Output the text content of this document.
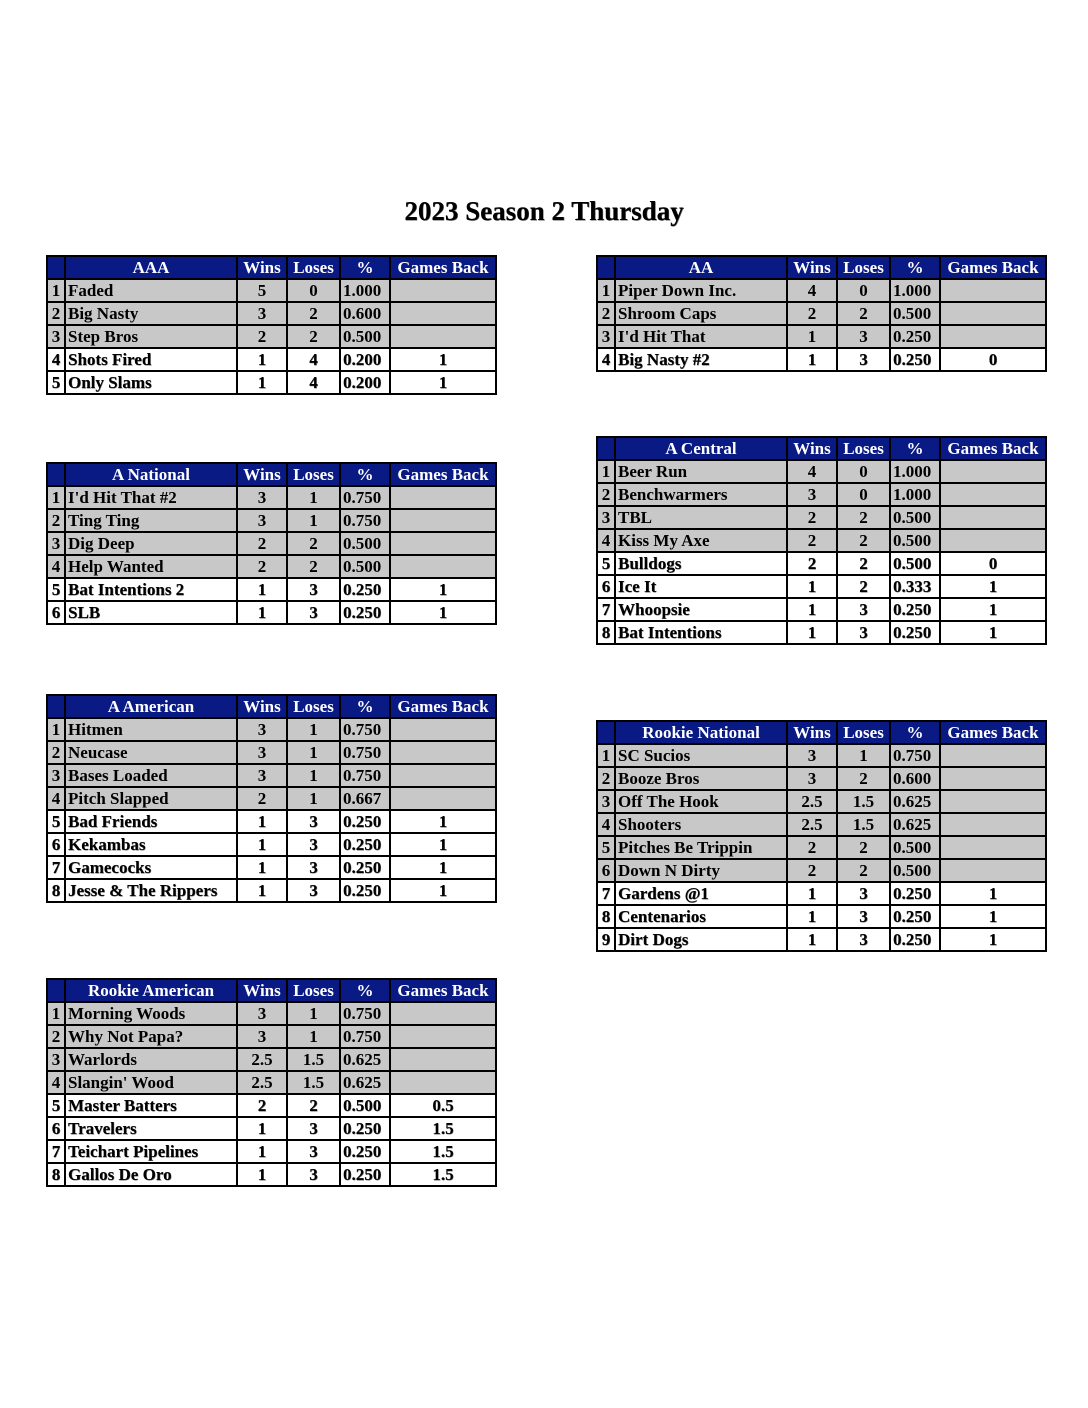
2023 Season 2 Thursday
	AAA	Wins	Loses	%	Games Back
1	Faded	5	0	1.000	
2	Big Nasty	3	2	0.600	
3	Step Bros	2	2	0.500	
4	Shots Fired	1	4	0.200	1
5	Only Slams	1	4	0.200	1
	AA	Wins	Loses	%	Games Back
1	Piper Down Inc.	4	0	1.000	
2	Shroom Caps	2	2	0.500	
3	I'd Hit That	1	3	0.250	
4	Big Nasty #2	1	3	0.250	0
	A National	Wins	Loses	%	Games Back
1	I'd Hit That #2	3	1	0.750	
2	Ting Ting	3	1	0.750	
3	Dig Deep	2	2	0.500	
4	Help Wanted	2	2	0.500	
5	Bat Intentions 2	1	3	0.250	1
6	SLB	1	3	0.250	1
	A Central	Wins	Loses	%	Games Back
1	Beer Run	4	0	1.000	
2	Benchwarmers	3	0	1.000	
3	TBL	2	2	0.500	
4	Kiss My Axe	2	2	0.500	
5	Bulldogs	2	2	0.500	0
6	Ice It	1	2	0.333	1
7	Whoopsie	1	3	0.250	1
8	Bat Intentions	1	3	0.250	1
	A American	Wins	Loses	%	Games Back
1	Hitmen	3	1	0.750	
2	Neucase	3	1	0.750	
3	Bases Loaded	3	1	0.750	
4	Pitch Slapped	2	1	0.667	
5	Bad Friends	1	3	0.250	1
6	Kekambas	1	3	0.250	1
7	Gamecocks	1	3	0.250	1
8	Jesse & The Rippers	1	3	0.250	1
	Rookie National	Wins	Loses	%	Games Back
1	SC Sucios	3	1	0.750	
2	Booze Bros	3	2	0.600	
3	Off The Hook	2.5	1.5	0.625	
4	Shooters	2.5	1.5	0.625	
5	Pitches Be Trippin	2	2	0.500	
6	Down N Dirty	2	2	0.500	
7	Gardens @1	1	3	0.250	1
8	Centenarios	1	3	0.250	1
9	Dirt Dogs	1	3	0.250	1
	Rookie American	Wins	Loses	%	Games Back
1	Morning Woods	3	1	0.750	
2	Why Not Papa?	3	1	0.750	
3	Warlords	2.5	1.5	0.625	
4	Slangin' Wood	2.5	1.5	0.625	
5	Master Batters	2	2	0.500	0.5
6	Travelers	1	3	0.250	1.5
7	Teichart Pipelines	1	3	0.250	1.5
8	Gallos De Oro	1	3	0.250	1.5
